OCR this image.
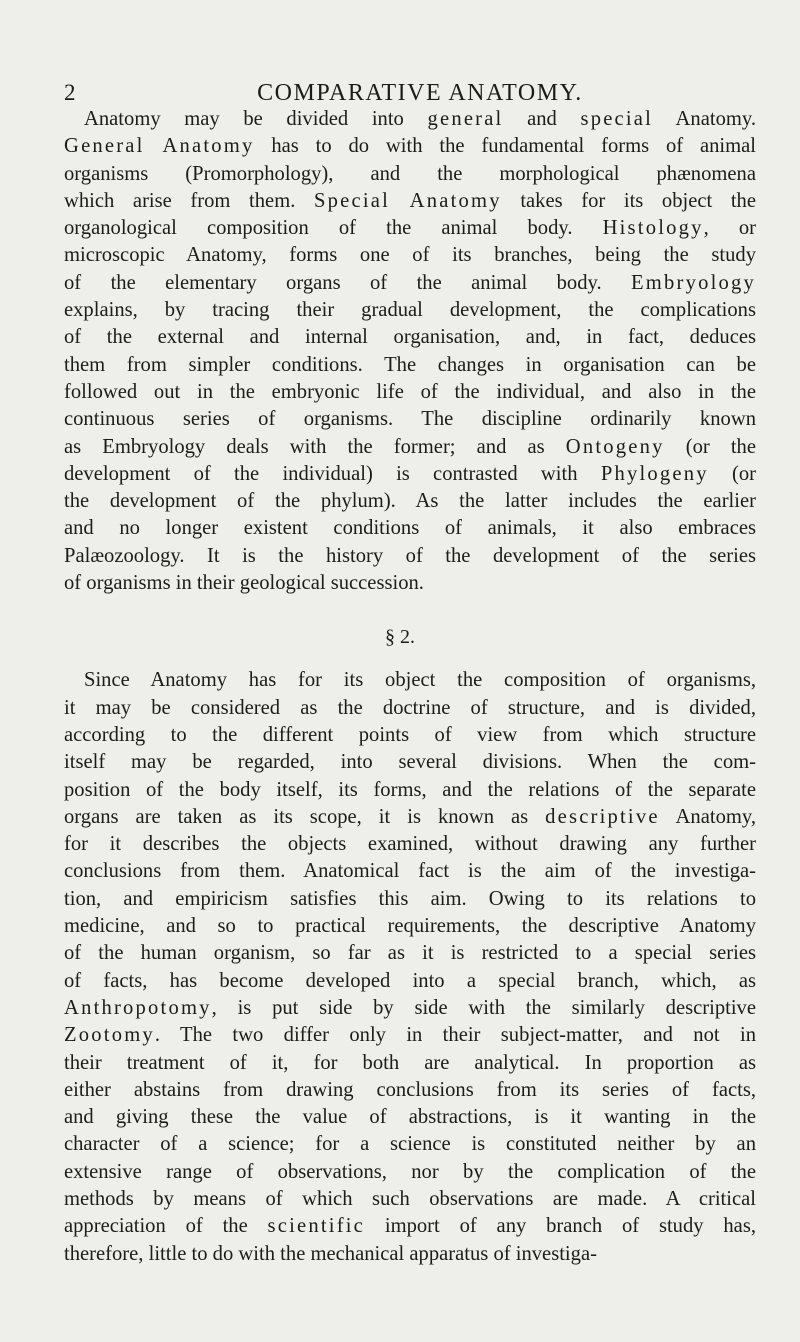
2	COMPARATIVE ANATOMY.
Anatomy may be divided into general and special Anatomy.
General Anatomy has to do with the fundamental forms of animal
organisms (Promorphology), and the morphological phænomena
which arise from them. Special Anatomy takes for its object the
organological composition of the animal body. Histology, or
microscopic Anatomy, forms one of its branches, being the study
of the elementary organs of the animal body. Embryology
explains, by tracing their gradual development, the complications
of the external and internal organisation, and, in fact, deduces
them from simpler conditions. The changes in organisation can be
followed out in the embryonic life of the individual, and also in the
continuous series of organisms. The discipline ordinarily known
as Embryology deals with the former; and as Ontogeny (or the
development of the individual) is contrasted with Phylogeny (or
the development of the phylum). As the latter includes the earlier
and no longer existent conditions of animals, it also embraces
Palæozoology. It is the history of the development of the series
of organisms in their geological succession.
§ 2.
Since Anatomy has for its object the composition of organisms,
it may be considered as the doctrine of structure, and is divided,
according to the different points of view from which structure
itself may be regarded, into several divisions. When the com-
position of the body itself, its forms, and the relations of the separate
organs are taken as its scope, it is known as descriptive Anatomy,
for it describes the objects examined, without drawing any further
conclusions from them. Anatomical fact is the aim of the investiga-
tion, and empiricism satisfies this aim. Owing to its relations to
medicine, and so to practical requirements, the descriptive Anatomy
of the human organism, so far as it is restricted to a special series
of facts, has become developed into a special branch, which, as
Anthropotomy, is put side by side with the similarly descriptive
Zootomy. The two differ only in their subject-matter, and not in
their treatment of it, for both are analytical. In proportion as
either abstains from drawing conclusions from its series of facts,
and giving these the value of abstractions, is it wanting in the
character of a science; for a science is constituted neither by an
extensive range of observations, nor by the complication of the
methods by means of which such observations are made. A critical
appreciation of the scientific import of any branch of study has,
therefore, little to do with the mechanical apparatus of investiga-
